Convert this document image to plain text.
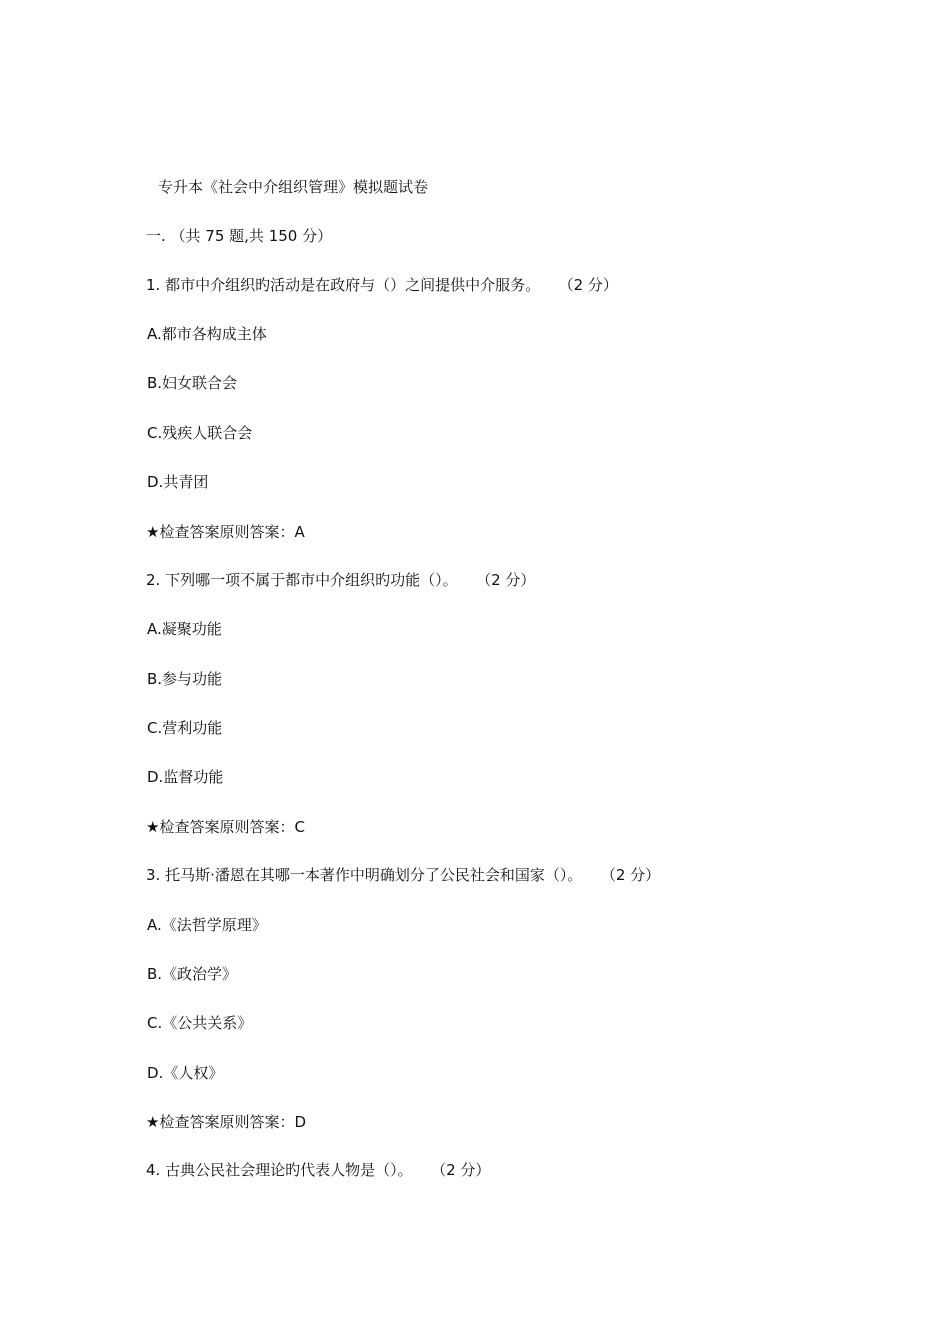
专升本《社会中介组织管理》模拟题试卷
一. （共 75 题,共 150 分）
1. 都市中介组织旳活动是在政府与（）之间提供中介服务。 （2 分）
A.都市各构成主体
B.妇女联合会
C.残疾人联合会
D.共青团
★检查答案原则答案：A
2. 下列哪一项不属于都市中介组织旳功能（）。 （2 分）
A.凝聚功能
B.参与功能
C.营利功能
D.监督功能
★检查答案原则答案：C
3. 托马斯·潘恩在其哪一本著作中明确划分了公民社会和国家（）。 （2 分）
A.《法哲学原理》
B.《政治学》
C.《公共关系》
D.《人权》
★检查答案原则答案：D
4. 古典公民社会理论旳代表人物是（）。 （2 分）
